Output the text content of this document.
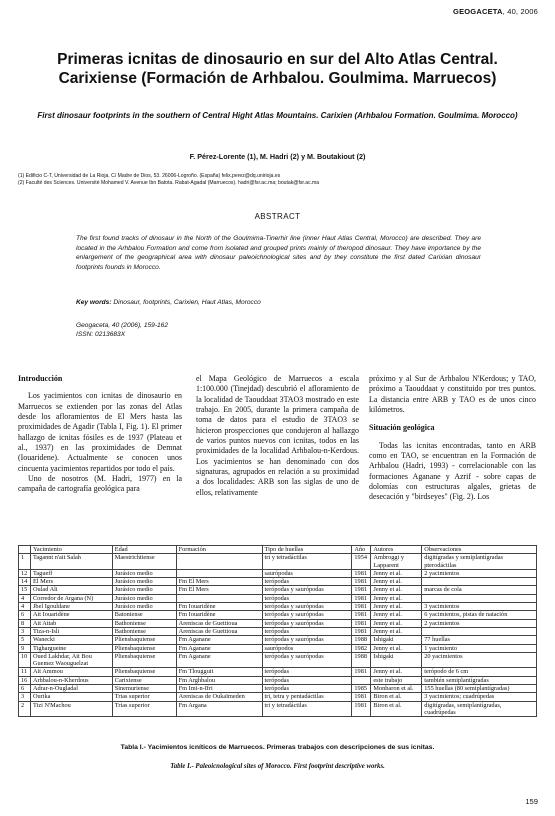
GEOGACETA, 40, 2006
Primeras icnitas de dinosaurio en sur del Alto Atlas Central.
Carixiense (Formación de Arhbalou. Goulmima. Marruecos)
First dinosaur footprints in the southern of Central Hight Atlas Mountains. Carixien (Arhbalou Formation. Goulmima. Morocco)
F. Pérez-Lorente (1), M. Hadri (2) y M. Boutakiout (2)
(1) Edificio C-T, Universidad de La Rioja. C/ Madre de Dios, 53. 26006-Logroño. (España) felix.perez@dq.unirioja.es
(2) Faculté des Sciences. Université Mohamed V. Avenue Ibn Batota. Rabat-Agadal (Marruecos). hadri@fsr.ac.ma; boutak@fsr.ac.ma
ABSTRACT
The first found tracks of dinosaur in the North of the Goulmima-Tinerhir line (inner Haut Atlas Central, Morocco) are described. They are located in the Arhbalou Formation and come from isolated and grouped prints mainly of theropod dinosaur. They have importance by the enlargement of the geographical area with dinosaur paleoichnological sites and by they constitute the first dated Carixian dinosaur footprints founds in Morocco.
Key words: Dinosaur, footprints, Carixien, Haut Atlas, Morocco
Geogaceta, 40 (2006), 159-162
ISSN: 0213683X
Introducción

Los yacimientos con icnitas de dinosaurio en Marruecos se extienden por las zonas del Atlas desde los afloramientos de El Mers hasta las proximidades de Agadir (Tabla I, Fig. 1). El primer hallazgo de icnitas fósiles es de 1937 (Plateau et al., 1937) en las proximidades de Demnat (Iouaridene). Actualmente se conocen unos cincuenta yacimientos repartidos por todo el país.

Uno de nosotros (M. Hadri, 1977) en la campaña de cartografía geológica para

el Mapa Geológico de Marruecos a escala 1:100.000 (Tinejdad) descubrió el afloramiento de la localidad de Taouddaat 3TAO3 mostrado en este trabajo. En 2005, durante la primera campaña de toma de datos para el estudio de 3TAO3 se hicieron prospecciones que condujeron al hallazgo de varios puntos nuevos con icnitas, todos en las proximidades de la localidad Arhbalou-n-Kerdous. Los yacimientos se han denominado con dos signaturas, agrupados en relación a su proximidad a dos localidades: ARB son las siglas de uno de ellos, relativamente

próximo y al Sur de Arhbalou N'Kerdous; y TAO, próximo a Taouddaat y constituido por tres puntos. La distancia entre ARB y TAO es de unos cinco kilómetros.

Situación geológica

Todas las icnitas encontradas, tanto en ARB como en TAO, se encuentran en la Formación de Arhbalou (Hadri, 1993) - correlacionable con las formaciones Aganane y Azrif - sobre capas de dolomías con estructuras algales, grietas de desecación y "birdseyes" (Fig. 2). Los

	Yacimiento	Edad	Formación	Tipo de huellas	Año	Autores	Observaciones
1	Tagannt n'ait Salah	Maestrichtiense		tri y tetradáctilas	1954	Ambroggi y Lapparent	digitígradas y semiplantígradas pterodáctilas
12	Tagueff	Jurásico medio		saurópodas	1981	Jenny et al.	2 yacimientos
14	El Mers	Jurásico medio	Fm El Mers	terópodas	1981	Jenny et al.	
15	Oulad Ali	Jurásico medio	Fm El Mers	terópodas y saurópodas	1981	Jenny et al.	marcas de cola
4	Corredor de Argana (N)	Jurásico medio		terópodas	1981	Jenny et al.	
4	Jbel Igouldane	Jurásico medio	Fm Iouaridène	terópodas y saurópodas	1981	Jenny et al.	3 yacimientos
6	Ait Iouaridène	Batoniense	Fm Iouaridène	terópodas y saurópodas	1981	Jenny et al.	6 yacimientos, pistas de natación
8	Ait Attab	Bathoniense	Areniscas de Guettioua	terópodas y saurópodas	1981	Jenny et al.	2 yacimientos
3	Tiza-n-Isli	Bathoniense	Areniscas de Guettioua	terópodas	1981	Jenny et al.	
5	Wanecki	Pliensbaquiense	Fm Aganane	terópodas y saurópodas	1988	Ishigaki	77 huellas
9	Tighargueine	Pliensbaquiense	Fm Aganane	saurópodos	1982	Jenny et al.	1 yacimiento
10	Oued Lakhdar, Ait Bou Guemez Waouguelzat	Pliensbaquiense	Fm Aganane	terópodas y saurópodas	1988	Ishigaki	20 yacimientos
11	Ait Ammou	Pliensbaquiense	Fm Tlougguit	terópodas	1981	Jenny et al.	terópodo de 6 cm
16	Arhbalou-n-Kherdous	Carixiense	Fm Arghbalou	terópodas		este trabajo	también semiplantígradas
6	Adrar-n-Ougladal	Sinemuriense	Fm Imi-n-Ifri	terópodas	1985	Monbaron et al.	155 huellas (80 semiplantígradas)
3	Ourika	Trias superior	Areniscas de Oukaïmeden	tri, tetra y pentadáctilas	1981	Biron et al.	3 yacimientos; cuadrúpedas
2	Tizi N'Machou	Trias superior	Fm Argana	tri y tetradáctilas	1981	Biron et al.	digitígradas, semiplantígradas, cuadrúpedas
Tabla I.- Yacimientos icníticos de Marruecos. Primeras trabajos con descripciones de sus icnitas.
Table I.- Paleoicnological sites of Morocco. First footprint descriptive works.
159
